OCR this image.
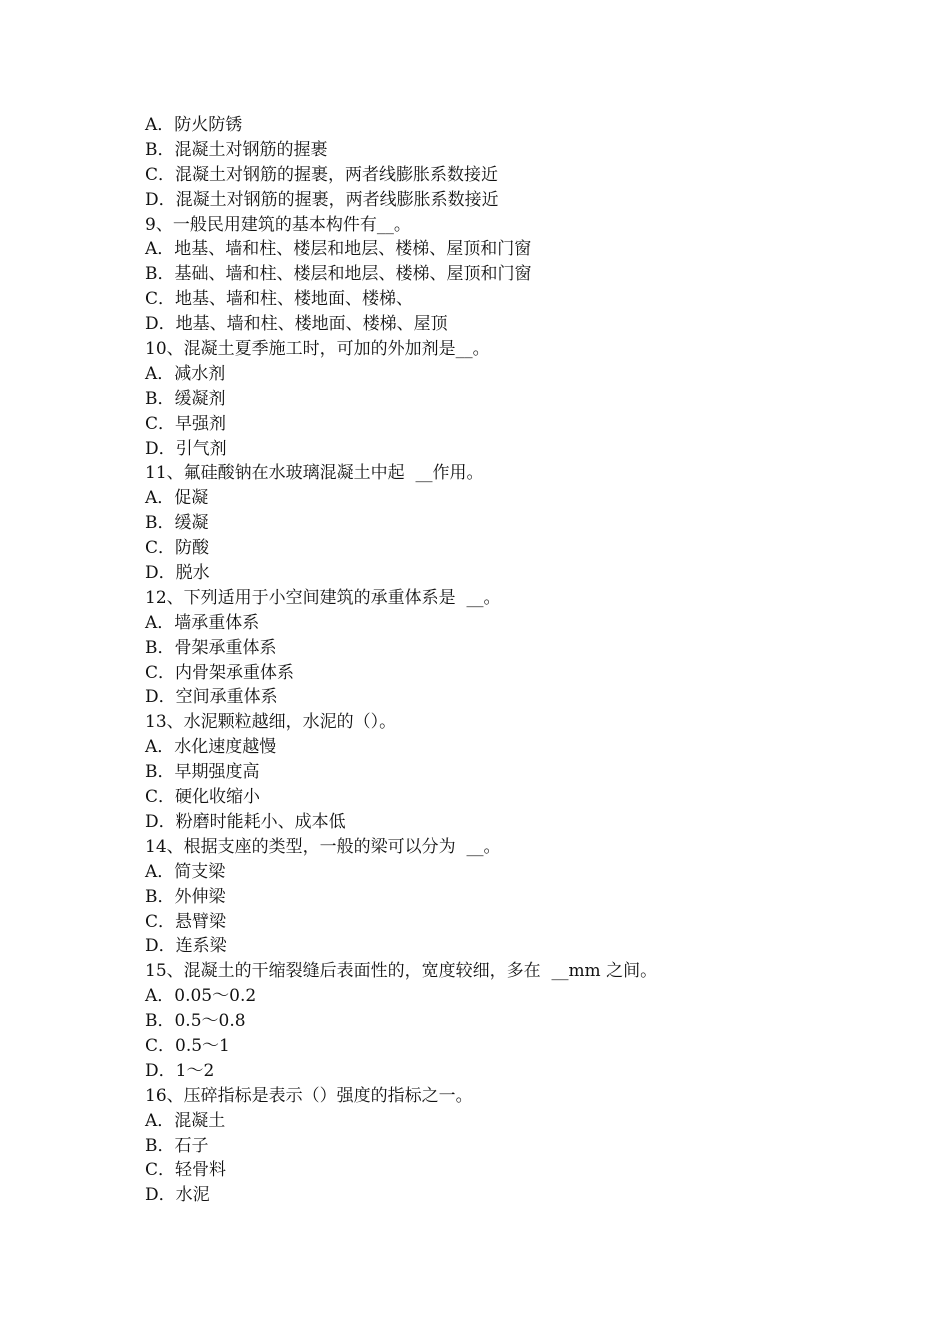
A．防火防锈
B．混凝土对钢筋的握裹
C．混凝土对钢筋的握裹，两者线膨胀系数接近
D．混凝土对钢筋的握裹，两者线膨胀系数接近
9、一般民用建筑的基本构件有__。
A．地基、墙和柱、楼层和地层、楼梯、屋顶和门窗
B．基础、墙和柱、楼层和地层、楼梯、屋顶和门窗
C．地基、墙和柱、楼地面、楼梯、
D．地基、墙和柱、楼地面、楼梯、屋顶
10、混凝土夏季施工时，可加的外加剂是__。
A．减水剂
B．缓凝剂
C．早强剂
D．引气剂
11、氟硅酸钠在水玻璃混凝土中起  __作用。
A．促凝
B．缓凝
C．防酸
D．脱水
12、下列适用于小空间建筑的承重体系是  __。
A．墙承重体系
B．骨架承重体系
C．内骨架承重体系
D．空间承重体系
13、水泥颗粒越细，水泥的（）。
A．水化速度越慢
B．早期强度高
C．硬化收缩小
D．粉磨时能耗小、成本低
14、根据支座的类型，一般的梁可以分为  __。
A．简支梁
B．外伸梁
C．悬臂梁
D．连系梁
15、混凝土的干缩裂缝后表面性的，宽度较细，多在  __mm 之间。
A．0.05～0.2
B．0.5～0.8
C．0.5～1
D．1～2
16、压碎指标是表示（）强度的指标之一。
A．混凝土
B．石子
C．轻骨料
D．水泥
